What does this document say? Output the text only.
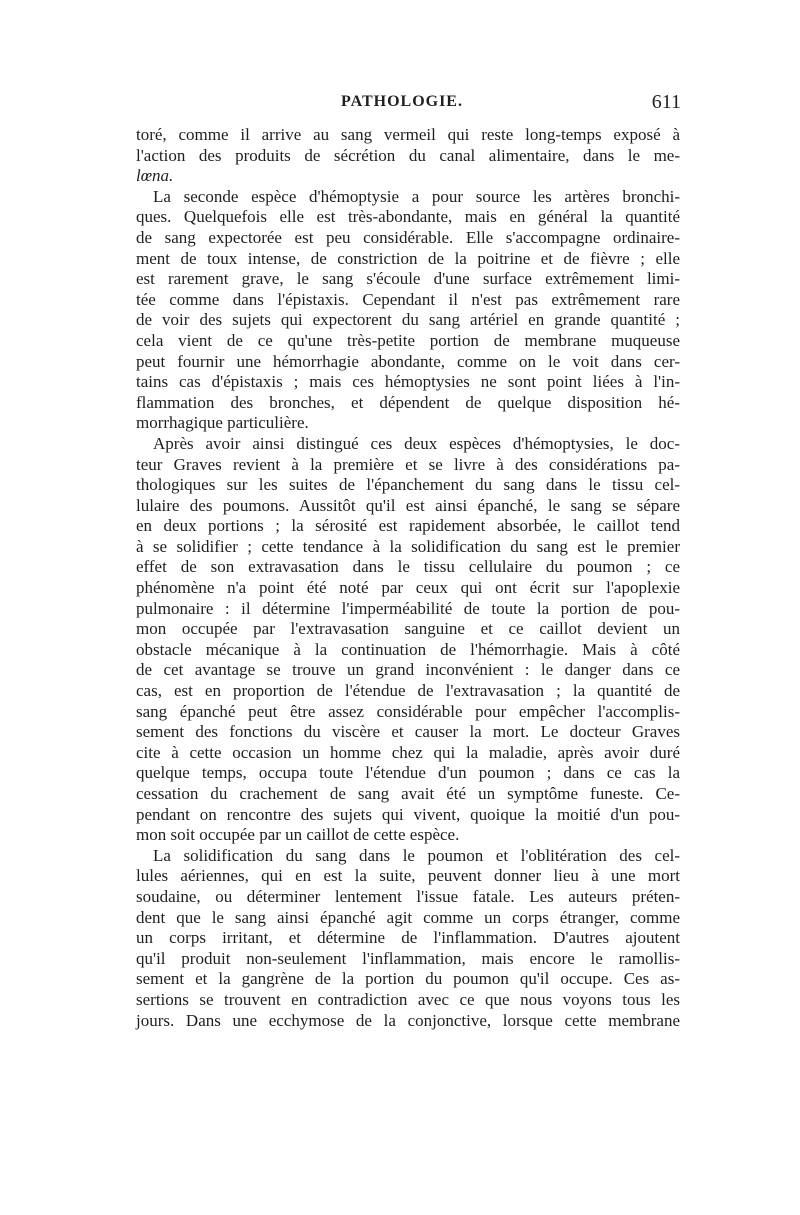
PATHOLOGIE.	611

toré, comme il arrive au sang vermeil qui reste long-temps exposé à
l'action des produits de sécrétion du canal alimentaire, dans le me-
lœna.

La seconde espèce d'hémoptysie a pour source les artères bronchi-
ques. Quelquefois elle est très-abondante, mais en général la quantité
de sang expectorée est peu considérable. Elle s'accompagne ordinaire-
ment de toux intense, de constriction de la poitrine et de fièvre ; elle
est rarement grave, le sang s'écoule d'une surface extrêmement limi-
tée comme dans l'épistaxis. Cependant il n'est pas extrêmement rare
de voir des sujets qui expectorent du sang artériel en grande quantité ;
cela vient de ce qu'une très-petite portion de membrane muqueuse
peut fournir une hémorrhagie abondante, comme on le voit dans cer-
tains cas d'épistaxis ; mais ces hémoptysies ne sont point liées à l'in-
flammation des bronches, et dépendent de quelque disposition hé-
morrhagique particulière.

Après avoir ainsi distingué ces deux espèces d'hémoptysies, le doc-
teur Graves revient à la première et se livre à des considérations pa-
thologiques sur les suites de l'épanchement du sang dans le tissu cel-
lulaire des poumons. Aussitôt qu'il est ainsi épanché, le sang se sépare
en deux portions ; la sérosité est rapidement absorbée, le caillot tend
à se solidifier ; cette tendance à la solidification du sang est le premier
effet de son extravasation dans le tissu cellulaire du poumon ; ce
phénomène n'a point été noté par ceux qui ont écrit sur l'apoplexie
pulmonaire : il détermine l'imperméabilité de toute la portion de pou-
mon occupée par l'extravasation sanguine et ce caillot devient un
obstacle mécanique à la continuation de l'hémorrhagie. Mais à côté
de cet avantage se trouve un grand inconvénient : le danger dans ce
cas, est en proportion de l'étendue de l'extravasation ; la quantité de
sang épanché peut être assez considérable pour empêcher l'accomplis-
sement des fonctions du viscère et causer la mort. Le docteur Graves
cite à cette occasion un homme chez qui la maladie, après avoir duré
quelque temps, occupa toute l'étendue d'un poumon ; dans ce cas la
cessation du crachement de sang avait été un symptôme funeste. Ce-
pendant on rencontre des sujets qui vivent, quoique la moitié d'un pou-
mon soit occupée par un caillot de cette espèce.

La solidification du sang dans le poumon et l'oblitération des cel-
lules aériennes, qui en est la suite, peuvent donner lieu à une mort
soudaine, ou déterminer lentement l'issue fatale. Les auteurs préten-
dent que le sang ainsi épanché agit comme un corps étranger, comme
un corps irritant, et détermine de l'inflammation. D'autres ajoutent
qu'il produit non-seulement l'inflammation, mais encore le ramollis-
sement et la gangrène de la portion du poumon qu'il occupe. Ces as-
sertions se trouvent en contradiction avec ce que nous voyons tous les
jours. Dans une ecchymose de la conjonctive, lorsque cette membrane
